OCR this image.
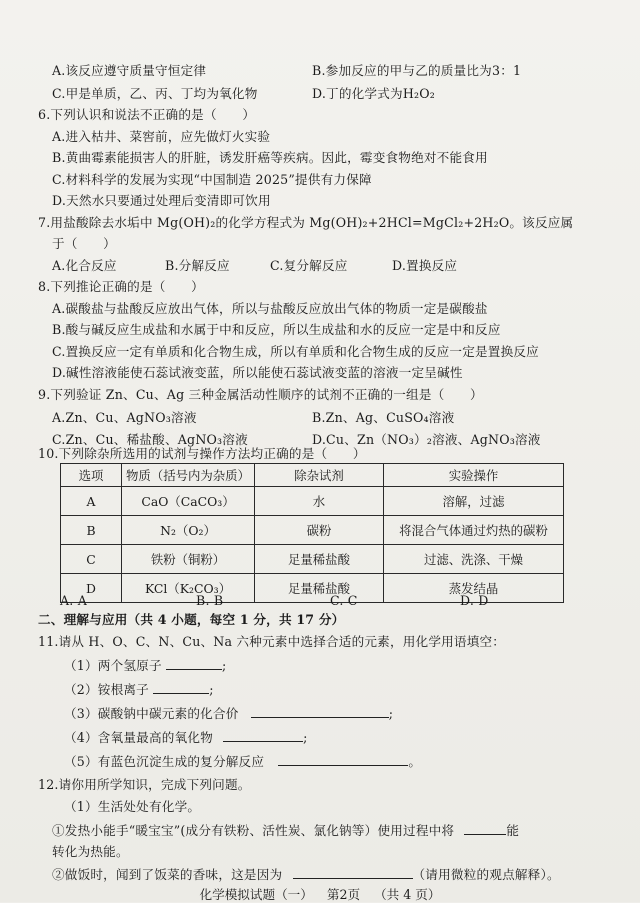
A.该反应遵守质量守恒定律	B.参加反应的甲与乙的质量比为3：1
C.甲是单质，乙、丙、丁均为氧化物	D.丁的化学式为H₂O₂
6.下列认识和说法不正确的是（　　）
A.进入枯井、菜窖前，应先做灯火实验
B.黄曲霉素能损害人的肝脏，诱发肝癌等疾病。因此，霉变食物绝对不能食用
C.材料科学的发展为实现“中国制造 2025”提供有力保障
D.天然水只要通过处理后变清即可饮用
7.用盐酸除去水垢中 Mg(OH)₂的化学方程式为 Mg(OH)₂+2HCl=MgCl₂+2H₂O。该反应属
于（　　）
A.化合反应	B.分解反应	C.复分解反应	D.置换反应
8.下列推论正确的是（　　）
A.碳酸盐与盐酸反应放出气体，所以与盐酸反应放出气体的物质一定是碳酸盐
B.酸与碱反应生成盐和水属于中和反应，所以生成盐和水的反应一定是中和反应
C.置换反应一定有单质和化合物生成，所以有单质和化合物生成的反应一定是置换反应
D.碱性溶液能使石蕊试液变蓝，所以能使石蕊试液变蓝的溶液一定呈碱性
9.下列验证 Zn、Cu、Ag 三种金属活动性顺序的试剂不正确的一组是（　　）
A.Zn、Cu、AgNO₃溶液	B.Zn、Ag、CuSO₄溶液
C.Zn、Cu、稀盐酸、AgNO₃溶液	D.Cu、Zn（NO₃）₂溶液、AgNO₃溶液
10.下列除杂所选用的试剂与操作方法均正确的是（　　）
选项	物质（括号内为杂质）	除杂试剂	实验操作
A	CaO（CaCO₃）	水	溶解，过滤
B	N₂（O₂）	碳粉	将混合气体通过灼热的碳粉
C	铁粉（铜粉）	足量稀盐酸	过滤、洗涤、干燥
D	KCl（K₂CO₃）	足量稀盐酸	蒸发结晶
A. A	B. B	C. C	D. D
二、理解与应用（共 4 小题，每空 1 分，共 17 分）
11.请从 H、O、C、N、Cu、Na 六种元素中选择合适的元素，用化学用语填空：
（1）两个氢原子	;
（2）铵根离子	;
（3）碳酸钠中碳元素的化合价	;
（4）含氧量最高的氧化物	;
（5）有蓝色沉淀生成的复分解反应	。
12.请你用所学知识，完成下列问题。
（1）生活处处有化学。
①发热小能手“暖宝宝”(成分有铁粉、活性炭、氯化钠等）使用过程中将	能
转化为热能。
②做饭时，闻到了饭菜的香味，这是因为	（请用微粒的观点解释）。
化学模拟试题（一） 第2页 （共 4 页）
